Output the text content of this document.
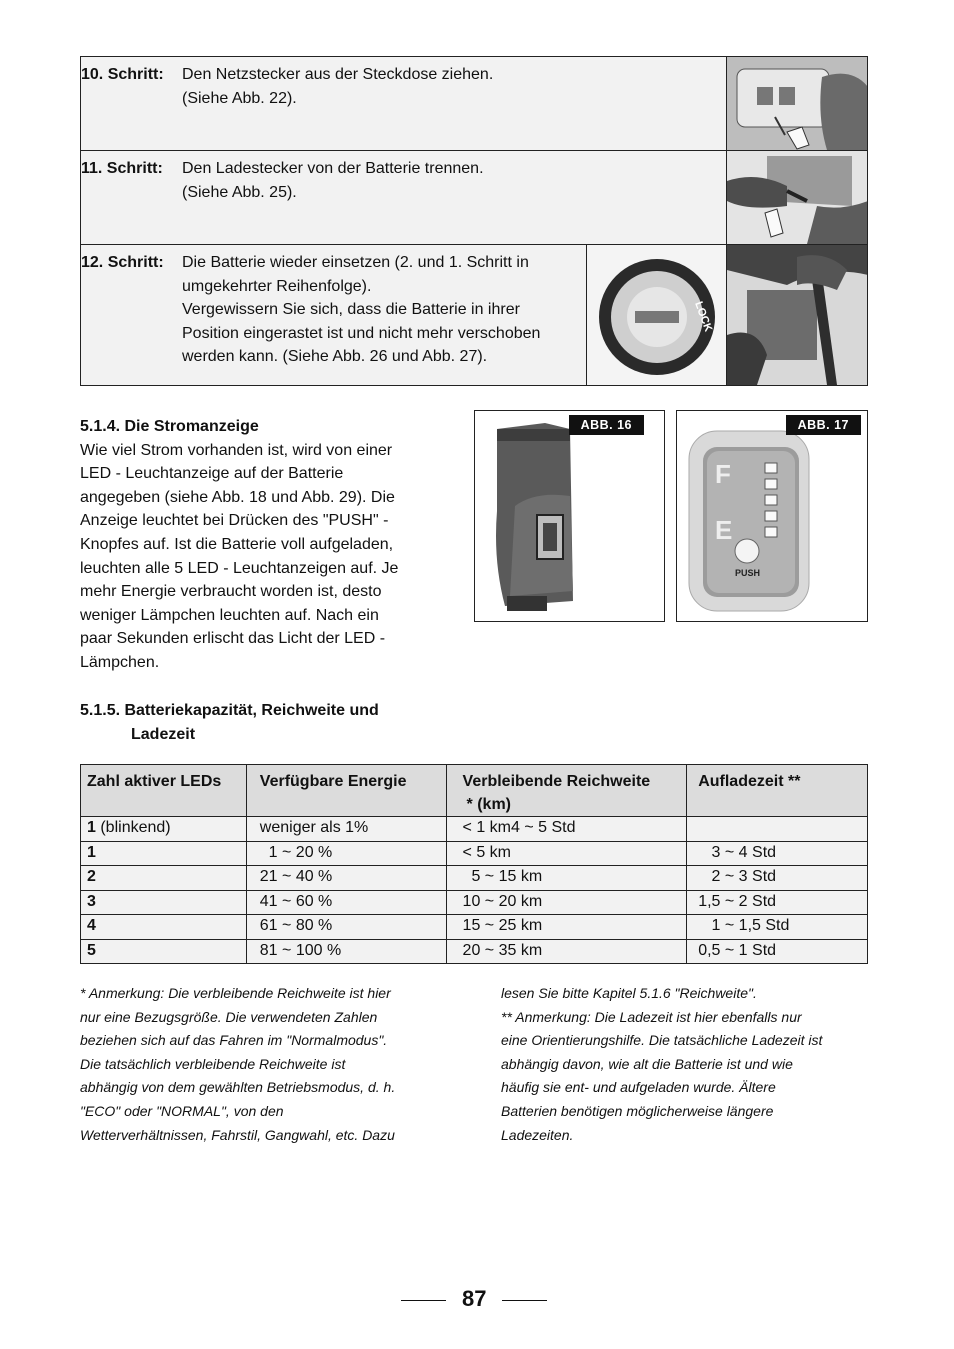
10. Schritt: Den Netzstecker aus der Steckdose ziehen.
(Siehe Abb. 22).
11. Schritt: Den Ladestecker von der Batterie trennen.
(Siehe Abb. 25).
12. Schritt: Die Batterie wieder einsetzen (2. und 1. Schritt in
umgekehrter Reihenfolge).
Vergewissern Sie sich, dass die Batterie in ihrer
Position eingerastet ist und nicht mehr verschoben
werden kann. (Siehe Abb. 26 und Abb. 27).
LOCK
5.1.4. Die Stromanzeige
Wie viel Strom vorhanden ist, wird von einer
LED - Leuchtanzeige auf der Batterie
angegeben (siehe Abb. 18 und Abb. 29). Die
Anzeige leuchtet bei Drücken des "PUSH" -
Knopfes auf. Ist die Batterie voll aufgeladen,
leuchten alle 5 LED - Leuchtanzeigen auf. Je
mehr Energie verbraucht worden ist, desto
weniger Lämpchen leuchten auf. Nach ein
paar Sekunden erlischt das Licht der LED -
Lämpchen.
ABB. 16
F
E
PUSH
ABB. 17
5.1.5. Batteriekapazität, Reichweite und
Ladezeit
Zahl aktiver LEDs	Verfügbare Energie	Verbleibende Reichweite
* (km)	Aufladezeit **
1 (blinkend)	weniger als 1%	< 1 km4 ~ 5 Std	
1	1 ~ 20 %	< 5 km	3 ~ 4 Std
2	21 ~ 40 %	5 ~ 15 km	2 ~ 3 Std
3	41 ~ 60 %	10 ~ 20 km	1,5 ~ 2 Std
4	61 ~ 80 %	15 ~ 25 km	1 ~ 1,5 Std
5	81 ~ 100 %	20 ~ 35 km	0,5 ~ 1 Std
* Anmerkung: Die verbleibende Reichweite ist hier
nur eine Bezugsgröße. Die verwendeten Zahlen
beziehen sich auf das Fahren im "Normalmodus".
Die tatsächlich verbleibende Reichweite ist
abhängig von dem gewählten Betriebsmodus, d. h.
"ECO" oder "NORMAL", von den
Wetterverhältnissen, Fahrstil, Gangwahl, etc. Dazu
lesen Sie bitte Kapitel 5.1.6 "Reichweite".
** Anmerkung: Die Ladezeit ist hier ebenfalls nur
eine Orientierungshilfe. Die tatsächliche Ladezeit ist
abhängig davon, wie alt die Batterie ist und wie
häufig sie ent- und aufgeladen wurde. Ältere
Batterien benötigen möglicherweise längere
Ladezeiten.
87
